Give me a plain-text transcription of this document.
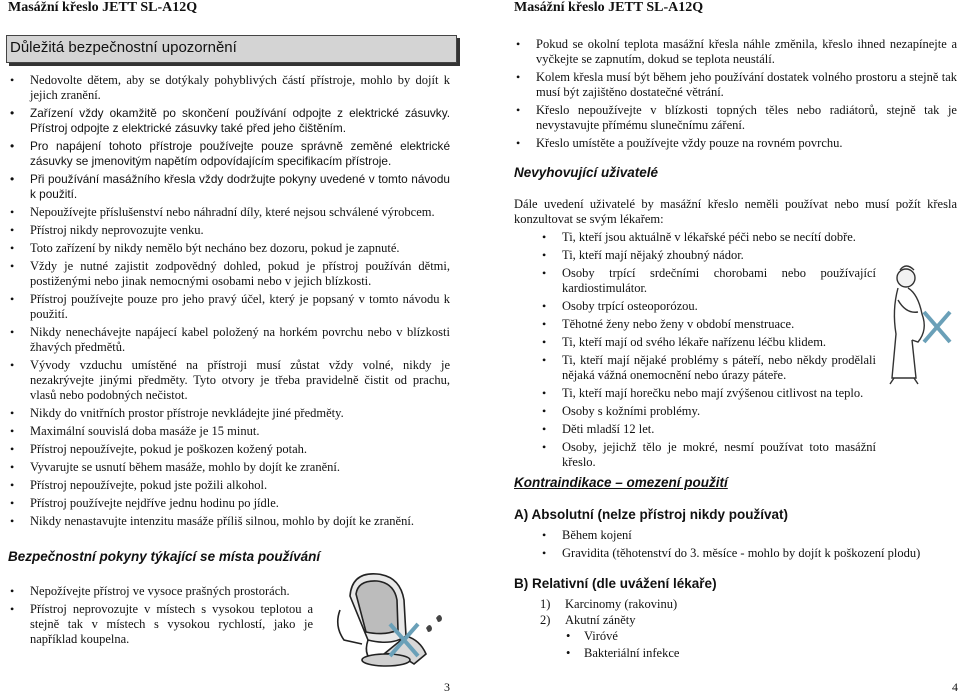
Masážní křeslo JETT SL-A12Q
Důležitá bezpečnostní upozornění
• Nedovolte dětem, aby se dotýkaly pohyblivých částí přístroje, mohlo by dojít k jejich zranění.
• Zařízení vždy okamžitě po skončení používání odpojte z elektrické zásuvky. Přístroj odpojte z elektrické zásuvky také před jeho čištěním.
• Pro napájení tohoto přístroje používejte pouze správně zeměné elektrické zásuvky se jmenovitým napětím odpovídajícím specifikacím přístroje.
• Při používání masážního křesla vždy dodržujte pokyny uvedené v tomto návodu k použití.
• Nepoužívejte příslušenství nebo náhradní díly, které nejsou schválené výrobcem.
• Přístroj nikdy neprovozujte venku.
• Toto zařízení by nikdy nemělo být necháno bez dozoru, pokud je zapnuté.
• Vždy je nutné zajistit zodpovědný dohled, pokud je přístroj používán dětmi, postiženými nebo jinak nemocnými osobami nebo v jejich blízkosti.
• Přístroj používejte pouze pro jeho pravý účel, který je popsaný v tomto návodu k použití.
• Nikdy nenechávejte napájecí kabel položený na horkém povrchu nebo v blízkosti žhavých předmětů.
• Vývody vzduchu umístěné na přístroji musí zůstat vždy volné, nikdy je nezakrývejte jinými předměty. Tyto otvory je třeba pravidelně čistit od prachu, vlasů nebo podobných nečistot.
• Nikdy do vnitřních prostor přístroje nevkládejte jiné předměty.
• Maximální souvislá doba masáže je 15 minut.
• Přístroj nepoužívejte, pokud je poškozen kožený potah.
• Vyvarujte se usnutí během masáže, mohlo by dojít ke zranění.
• Přístroj nepoužívejte, pokud jste požili alkohol.
• Přístroj používejte nejdříve jednu hodinu po jídle.
• Nikdy nenastavujte intenzitu masáže příliš silnou, mohlo by dojít ke zranění.
Bezpečnostní pokyny týkající se místa používání
• Nepožívejte přístroj ve vysoce prašných prostorách.
• Přístroj neprovozujte v místech s vysokou teplotou a stejně tak v místech s vysokou rychlostí, jako je například koupelna.
3
Masážní křeslo JETT SL-A12Q
• Pokud se okolní teplota masážní křesla náhle změnila, křeslo ihned nezapínejte a vyčkejte se zapnutím, dokud se teplota neustálí.
• Kolem křesla musí být během jeho používání dostatek volného prostoru a stejně tak musí být zajištěno dostatečné větrání.
• Křeslo nepoužívejte v blízkosti topných těles nebo radiátorů, stejně tak je nevystavujte přímému slunečnímu záření.
• Křeslo umístěte a používejte vždy pouze na rovném povrchu.
Nevyhovující uživatelé
Dále uvedení uživatelé by masážní křeslo neměli používat nebo musí požít křesla konzultovat se svým lékařem:
• Ti, kteří jsou aktuálně v lékařské péči nebo se necítí dobře.
• Ti, kteří mají nějaký zhoubný nádor.
• Osoby trpící srdečními chorobami nebo používající kardiostimulátor.
• Osoby trpící osteoporózou.
• Těhotné ženy nebo ženy v období menstruace.
• Ti, kteří mají od svého lékaře nařízenu léčbu klidem.
• Ti, kteří mají nějaké problémy s páteří, nebo někdy prodělali nějaká vážná onemocnění nebo úrazy páteře.
• Ti, kteří mají horečku nebo mají zvýšenou citlivost na teplo.
• Osoby s kožními problémy.
• Děti mladší 12 let.
• Osoby, jejichž tělo je mokré, nesmí používat toto masážní křeslo.
Kontraindikace – omezení použití
A) Absolutní (nelze přístroj nikdy používat)
• Během kojení
• Gravidita (těhotenství do 3. měsíce - mohlo by dojít k poškození plodu)
B) Relativní (dle uvážení lékaře)
1) Karcinomy (rakovinu)
2) Akutní záněty
• Viróvé
• Bakteriální infekce
4
